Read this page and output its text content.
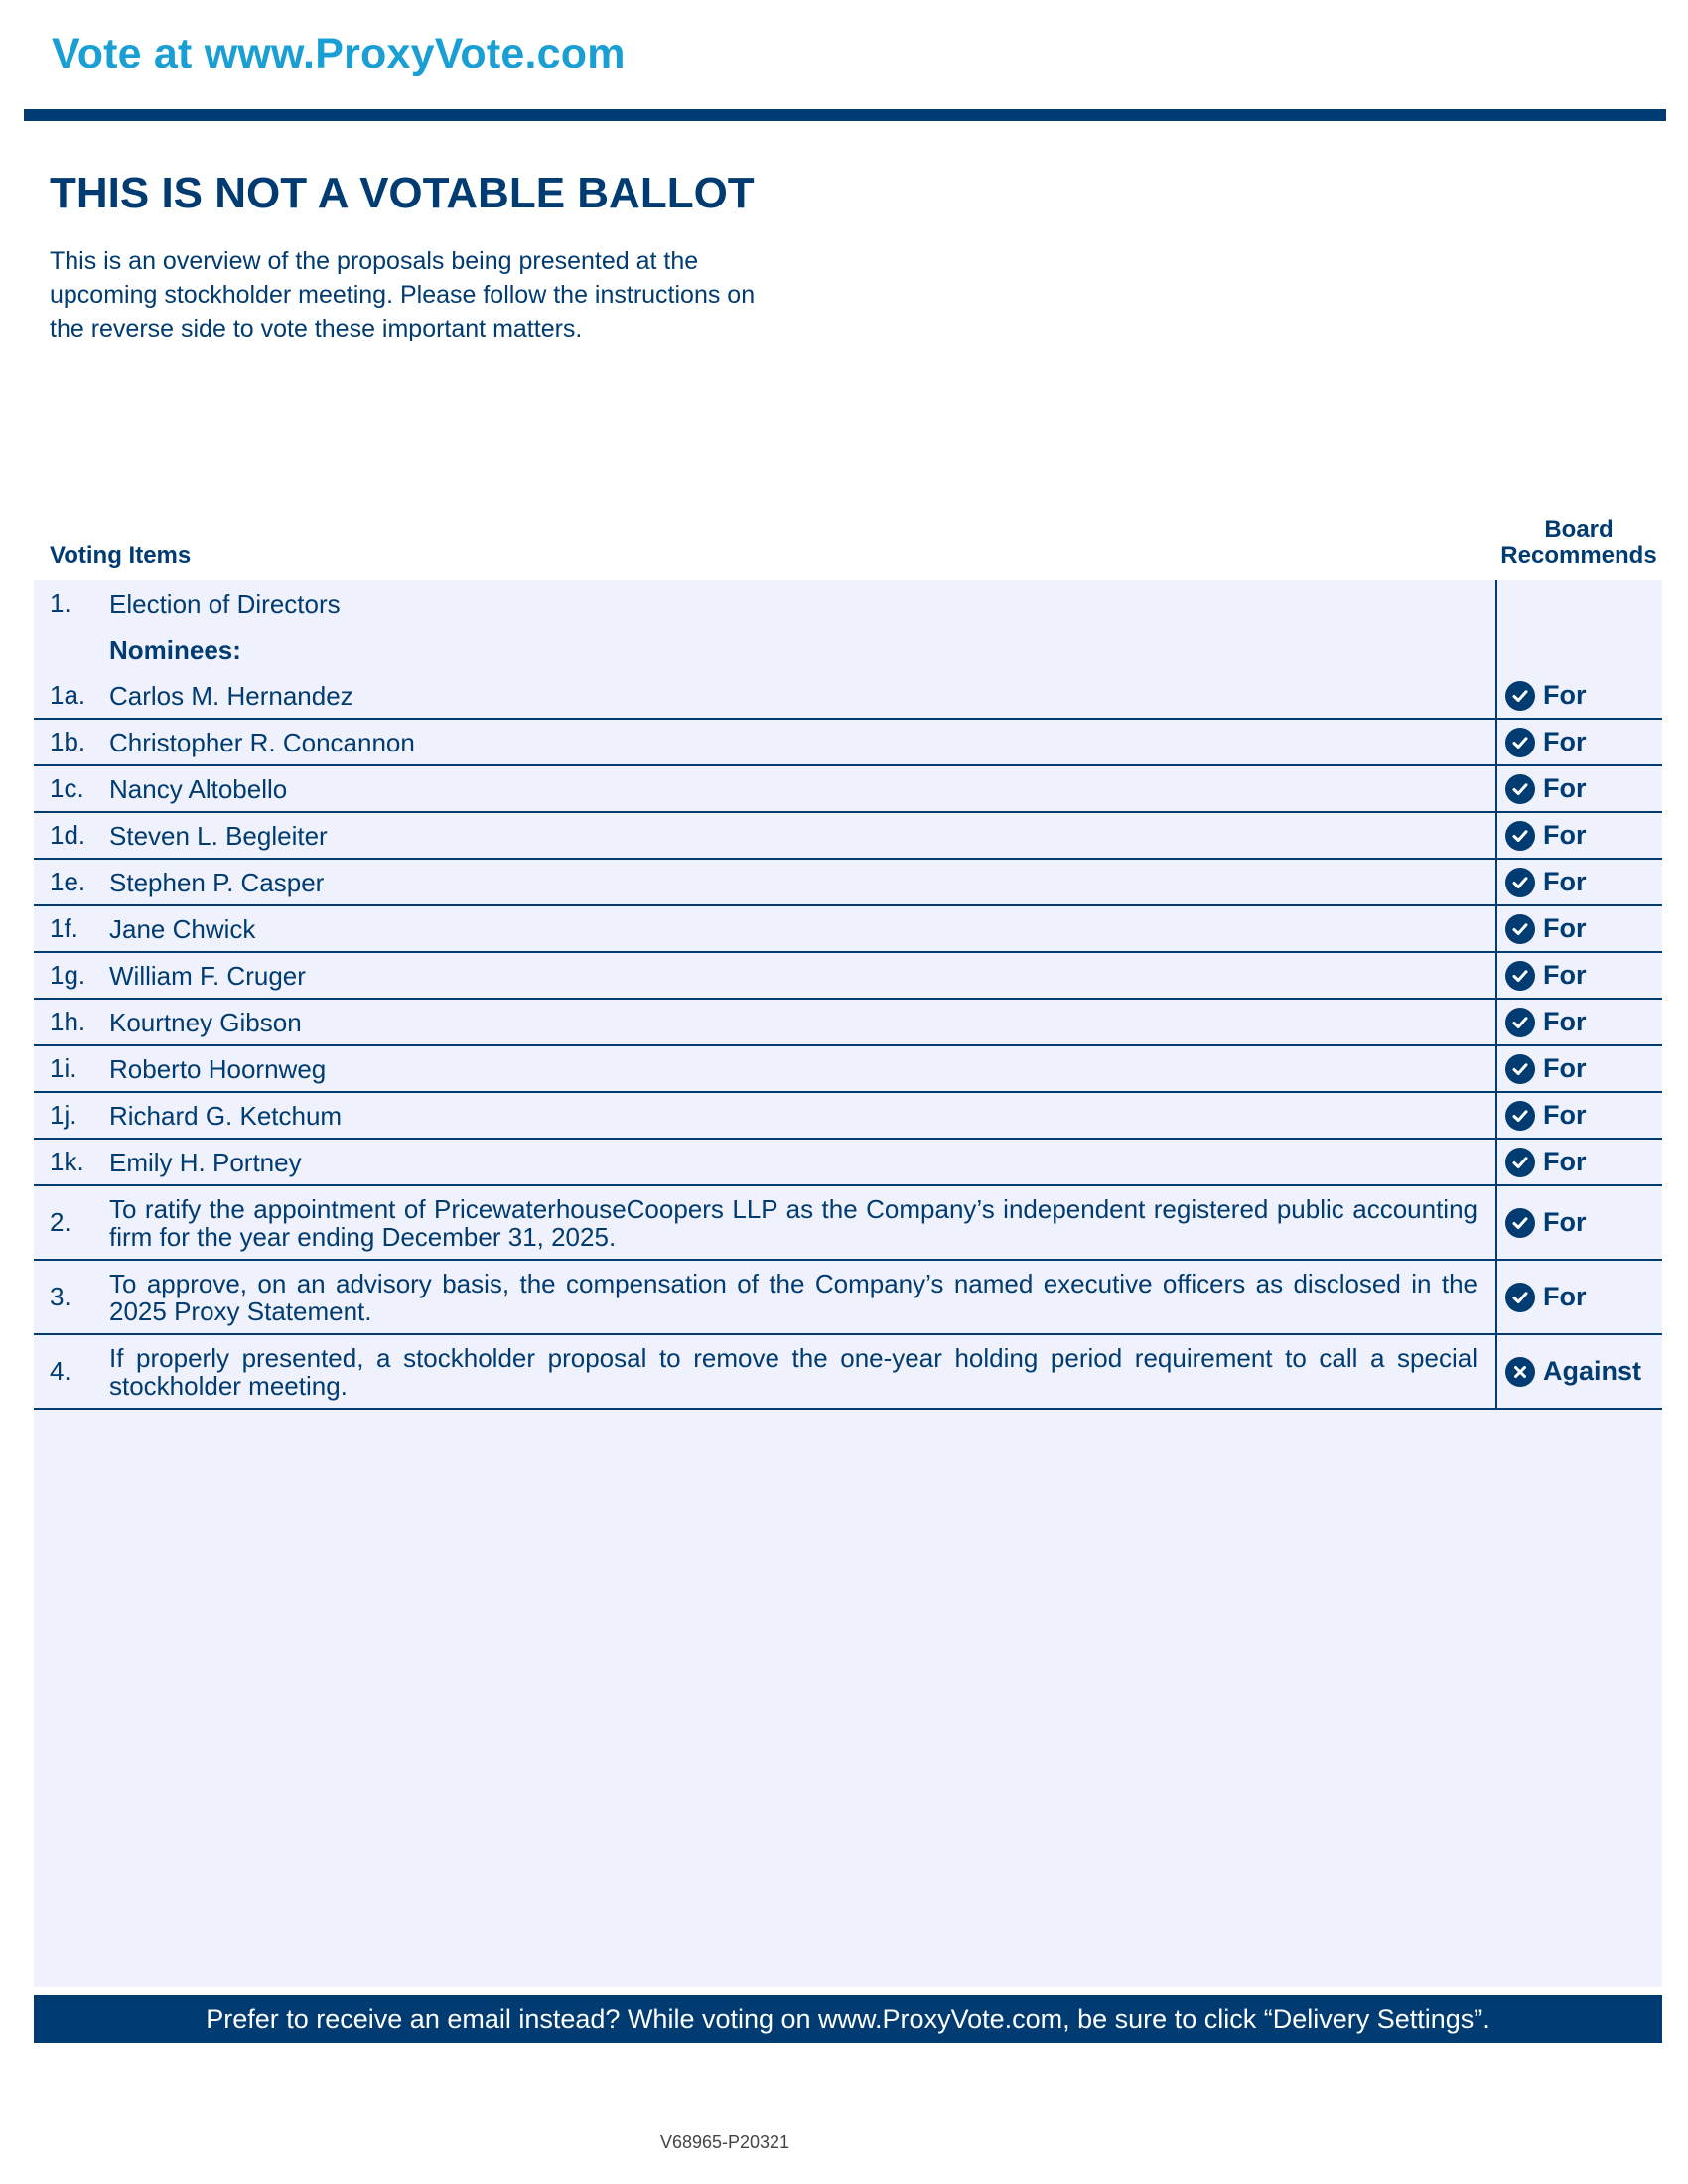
Vote at www.ProxyVote.com
THIS IS NOT A VOTABLE BALLOT
This is an overview of the proposals being presented at the
upcoming stockholder meeting. Please follow the instructions on
the reverse side to vote these important matters.
Voting Items
Board
Recommends
1.	Election of Directors
Nominees:
1a. Carlos M. Hernandez	For
1b. Christopher R. Concannon	For
1c. Nancy Altobello	For
1d. Steven L. Begleiter	For
1e. Stephen P. Casper	For
1f.	Jane Chwick	For
1g. William F. Cruger	For
1h. Kourtney Gibson	For
1i.	Roberto Hoornweg	For
1j.	Richard G. Ketchum	For
1k. Emily H. Portney	For
2.	To ratify the appointment of PricewaterhouseCoopers LLP as the Company’s independent registered public accounting firm for the year ending December 31, 2025.	For
3.	To approve, on an advisory basis, the compensation of the Company’s named executive officers as disclosed in the 2025 Proxy Statement.	For
4.	If properly presented, a stockholder proposal to remove the one-year holding period requirement to call a special stockholder meeting.	Against
Prefer to receive an email instead? While voting on www.ProxyVote.com, be sure to click “Delivery Settings”.
V68965-P20321
